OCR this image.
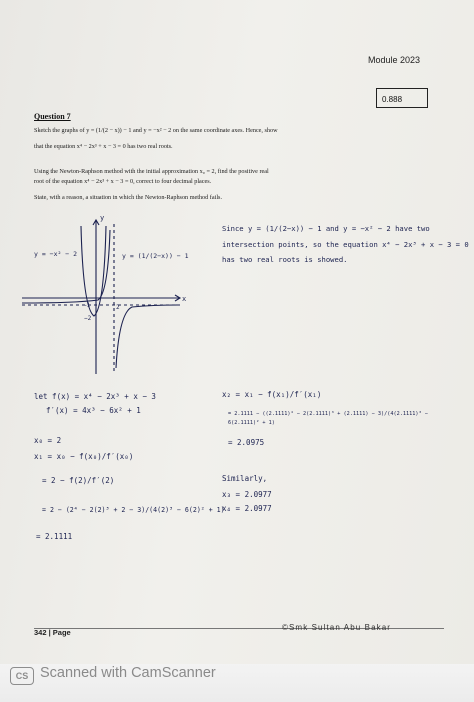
Module 2023
0.888
Question 7
Sketch the graphs of y = (1/(2 − x)) − 1 and y = −x² − 2 on the same coordinate axes. Hence, show
that the equation x⁴ − 2x³ + x − 3 = 0 has two real roots.
Using the Newton-Raphson method with the initial approximation x₀ = 2, find the positive real
root of the equation x⁴ − 2x³ + x − 3 = 0, correct to four decimal places.
State, with a reason, a situation in which the Newton-Raphson method fails.
y
x
y = −x² − 2	y = (1/(2−x)) − 1
2
−1
−2
Since y = (1/(2−x)) − 1 and y = −x² − 2 have two
intersection points, so the equation x⁴ − 2x³ + x − 3 = 0
has two real roots is showed.
let f(x) = x⁴ − 2x³ + x − 3
f′(x) = 4x³ − 6x² + 1
x₀ = 2
x₁ = x₀ − f(x₀)/f′(x₀)
= 2 − f(2)/f′(2)
= 2 − (2⁴ − 2(2)³ + 2 − 3)/(4(2)³ − 6(2)² + 1)
= 2.1111
x₂ = x₁ − f(x₁)/f′(x₁)
= 2.1111 − ((2.1111)⁴ − 2(2.1111)³ + (2.1111) − 3)/(4(2.1111)³ − 6(2.1111)² + 1)
= 2.0975
Similarly,
x₃ = 2.0977
x₄ = 2.0977
342 | Page
©Smk Sultan Abu Bakar
CS Scanned with CamScanner
